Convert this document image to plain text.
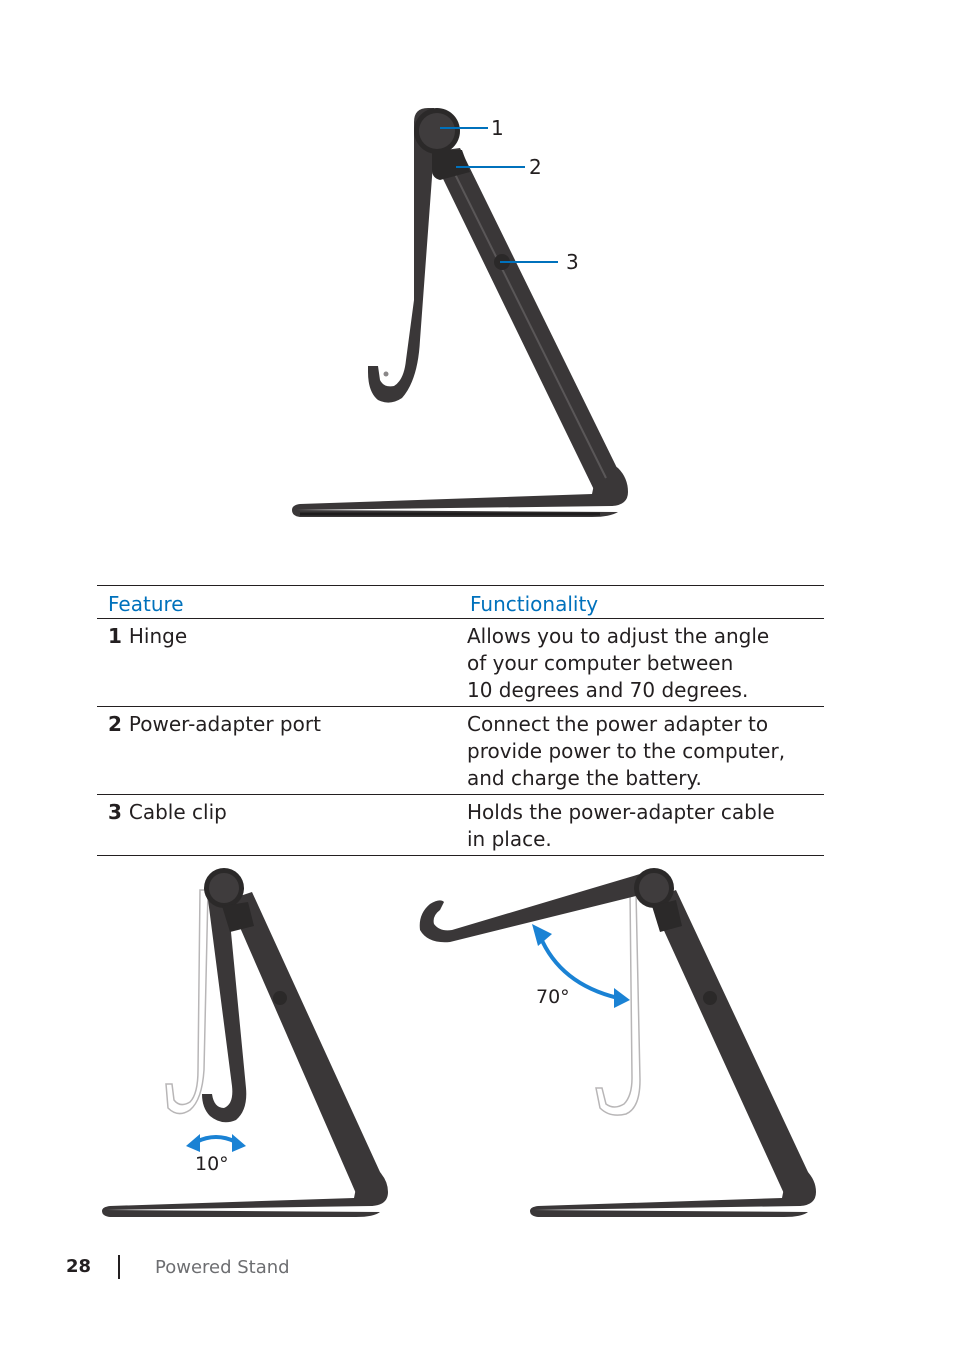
1
2
3
Feature	Functionality
1 Hinge	Allows you to adjust the angle
of your computer between
10 degrees and 70 degrees.
2 Power-adapter port	Connect the power adapter to
provide power to the computer,
and charge the battery.
3 Cable clip	Holds the power-adapter cable
in place.
10°
70°
28	Powered Stand
